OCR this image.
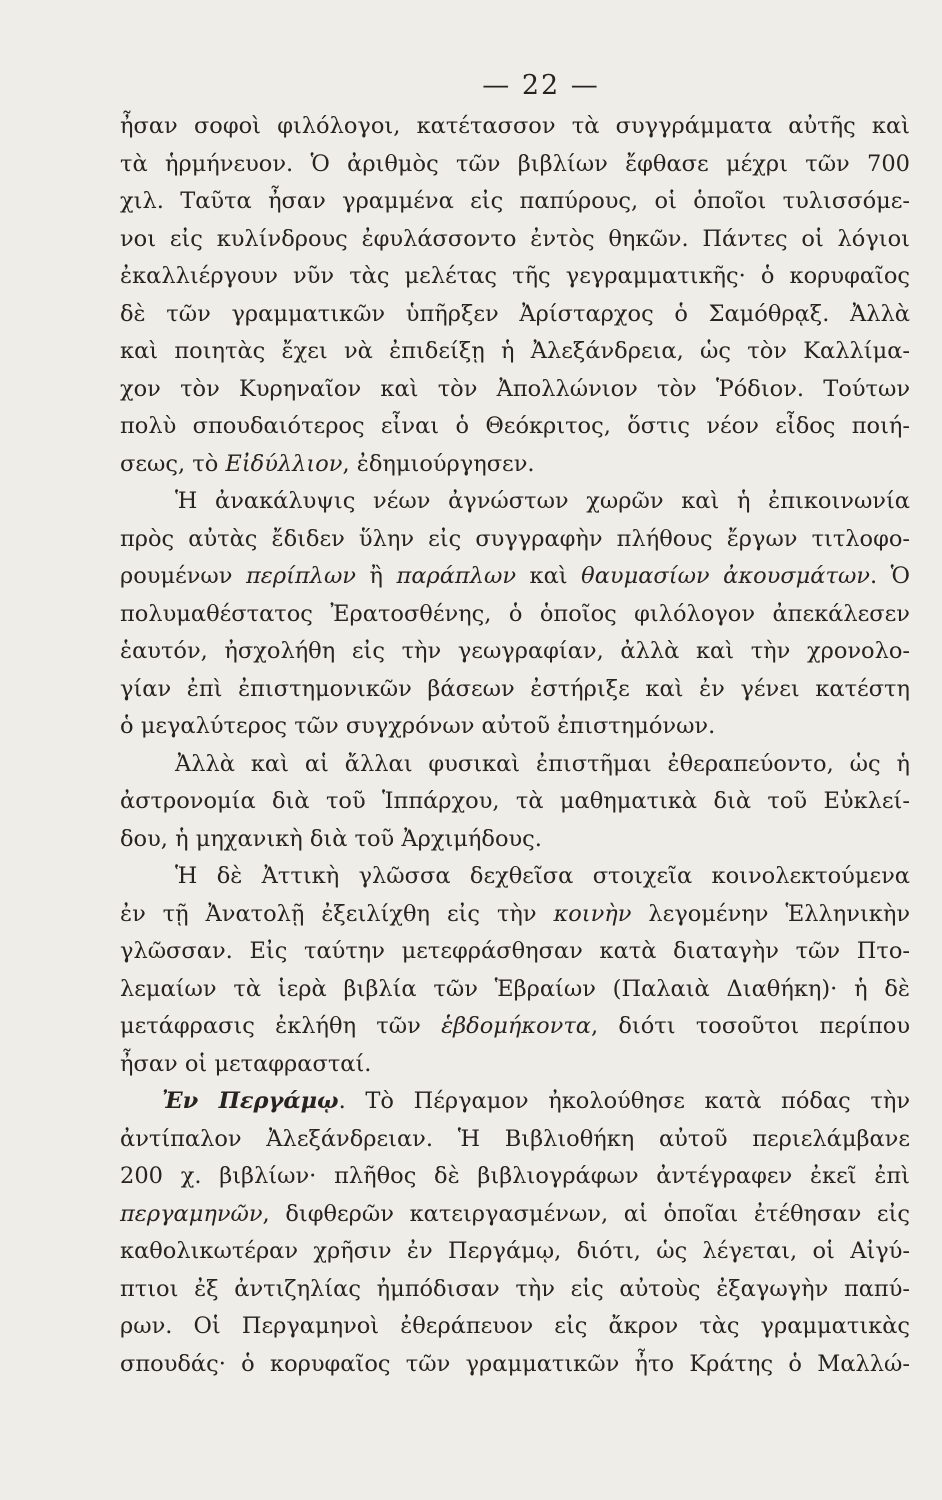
— 22 —
ἦσαν σοφοὶ φιλόλογοι, κατέτασσον τὰ συγγράμματα αὐτῆς καὶ
τὰ ἡρμήνευον. Ὁ ἀριθμὸς τῶν βιβλίων ἔφθασε μέχρι τῶν 700
χιλ. Ταῦτα ἦσαν γραμμένα εἰς παπύρους, οἱ ὁποῖοι τυλισσόμε-
νοι εἰς κυλίνδρους ἐφυλάσσοντο ἐντὸς θηκῶν. Πάντες οἱ λόγιοι
ἐκαλλιέργουν νῦν τὰς μελέτας τῆς γεγραμματικῆς· ὁ κορυφαῖος
δὲ τῶν γραμματικῶν ὑπῆρξεν Ἀρίσταρχος ὁ Σαμόθρᾳξ. Ἀλλὰ
καὶ ποιητὰς ἔχει νὰ ἐπιδείξῃ ἡ Ἀλεξάνδρεια, ὡς τὸν Καλλίμα-
χον τὸν Κυρηναῖον καὶ τὸν Ἀπολλώνιον τὸν Ῥόδιον. Τούτων
πολὺ σπουδαιότερος εἶναι ὁ Θεόκριτος, ὅστις νέον εἶδος ποιή-
σεως, τὸ Εἰδύλλιον, ἐδημιούργησεν.
Ἡ ἀνακάλυψις νέων ἀγνώστων χωρῶν καὶ ἡ ἐπικοινωνία
πρὸς αὐτὰς ἔδιδεν ὕλην εἰς συγγραφὴν πλήθους ἔργων τιτλοφο-
ρουμένων περίπλων ἢ παράπλων καὶ θαυμασίων ἀκουσμάτων. Ὁ
πολυμαθέστατος Ἐρατοσθένης, ὁ ὁποῖος φιλόλογον ἀπεκάλεσεν
ἑαυτόν, ἠσχολήθη εἰς τὴν γεωγραφίαν, ἀλλὰ καὶ τὴν χρονολο-
γίαν ἐπὶ ἐπιστημονικῶν βάσεων ἐστήριξε καὶ ἐν γένει κατέστη
ὁ μεγαλύτερος τῶν συγχρόνων αὐτοῦ ἐπιστημόνων.
Ἀλλὰ καὶ αἱ ἄλλαι φυσικαὶ ἐπιστῆμαι ἐθεραπεύοντο, ὡς ἡ
ἀστρονομία διὰ τοῦ Ἱππάρχου, τὰ μαθηματικὰ διὰ τοῦ Εὐκλεί-
δου, ἡ μηχανικὴ διὰ τοῦ Ἀρχιμήδους.
Ἡ δὲ Ἀττικὴ γλῶσσα δεχθεῖσα στοιχεῖα κοινολεκτούμενα
ἐν τῇ Ἀνατολῇ ἐξειλίχθη εἰς τὴν κοινὴν λεγομένην Ἑλληνικὴν
γλῶσσαν. Εἰς ταύτην μετεφράσθησαν κατὰ διαταγὴν τῶν Πτο-
λεμαίων τὰ ἱερὰ βιβλία τῶν Ἑβραίων (Παλαιὰ Διαθήκη)· ἡ δὲ
μετάφρασις ἐκλήθη τῶν ἑβδομήκοντα, διότι τοσοῦτοι περίπου
ἦσαν οἱ μεταφρασταί.
Ἐν Περγάμῳ. Τὸ Πέργαμον ἠκολούθησε κατὰ πόδας τὴν
ἀντίπαλον Ἀλεξάνδρειαν. Ἡ Βιβλιοθήκη αὐτοῦ περιελάμβανε
200 χ. βιβλίων· πλῆθος δὲ βιβλιογράφων ἀντέγραφεν ἐκεῖ ἐπὶ
περγαμηνῶν, διφθερῶν κατειργασμένων, αἱ ὁποῖαι ἐτέθησαν εἰς
καθολικωτέραν χρῆσιν ἐν Περγάμῳ, διότι, ὡς λέγεται, οἱ Αἰγύ-
πτιοι ἐξ ἀντιζηλίας ἠμπόδισαν τὴν εἰς αὐτοὺς ἐξαγωγὴν παπύ-
ρων. Οἱ Περγαμηνοὶ ἐθεράπευον εἰς ἄκρον τὰς γραμματικὰς
σπουδάς· ὁ κορυφαῖος τῶν γραμματικῶν ἦτο Κράτης ὁ Μαλλώ-
